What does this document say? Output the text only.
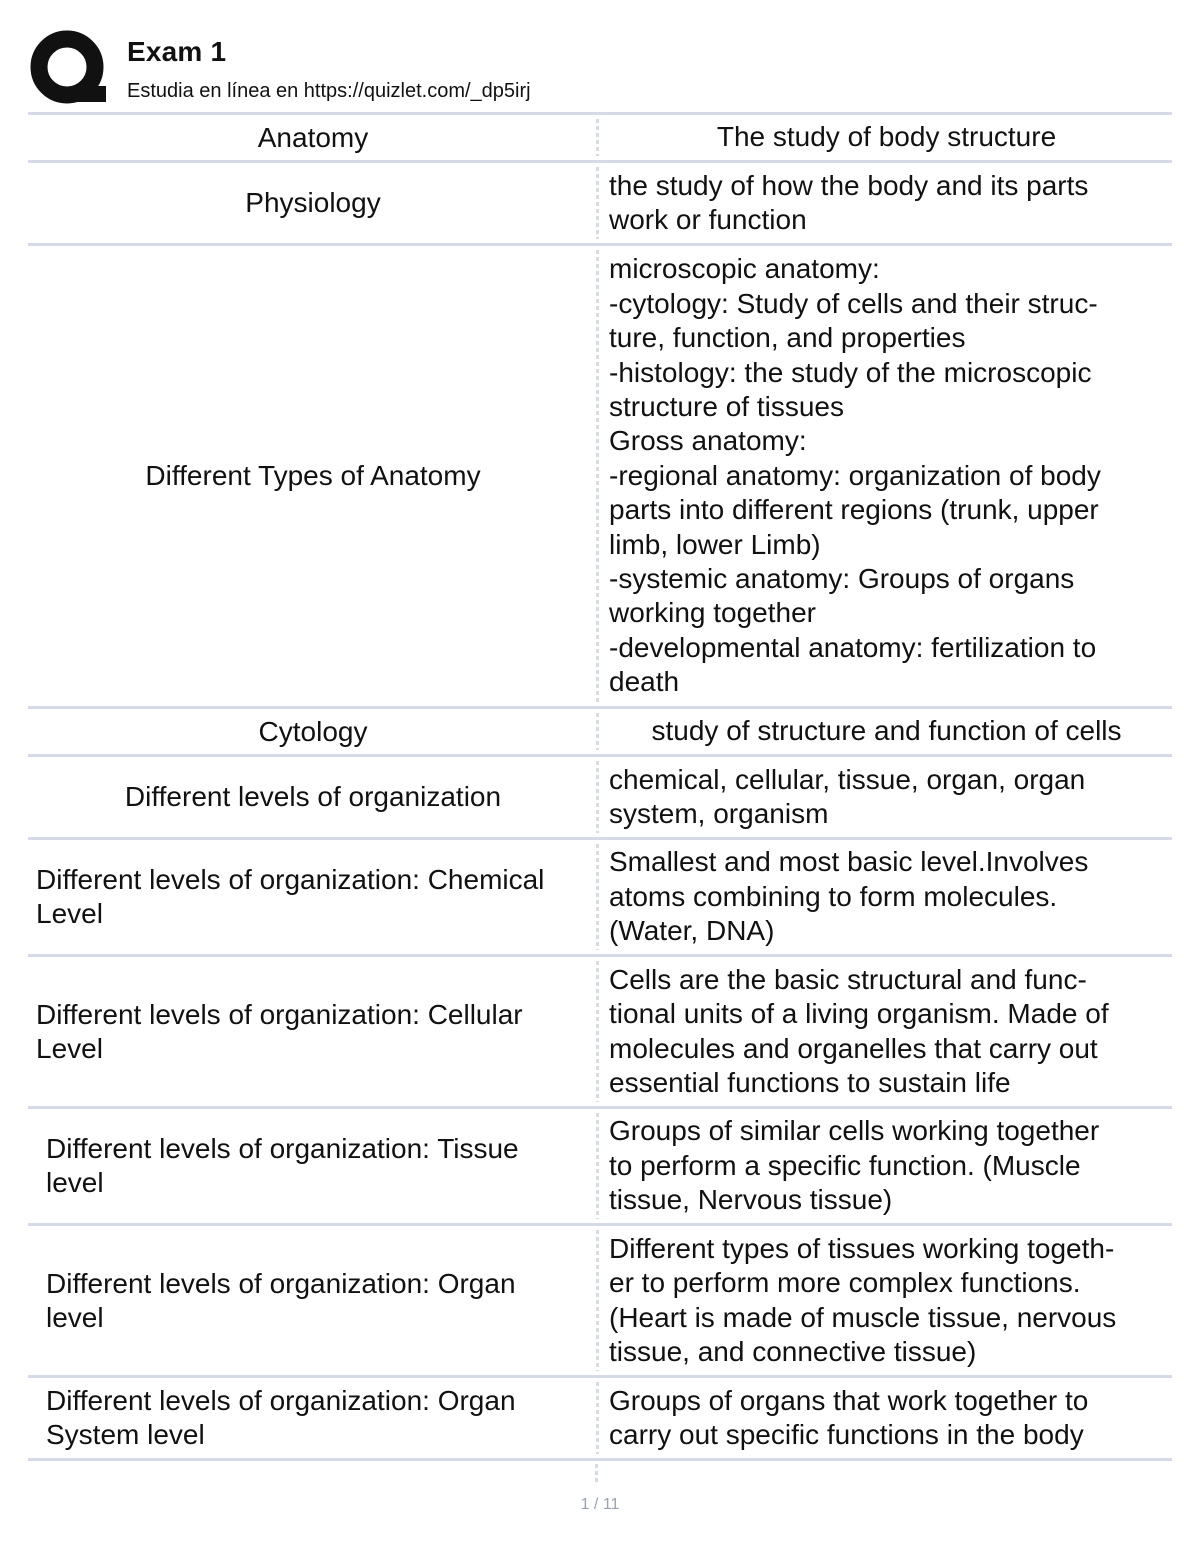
Exam 1
Estudia en línea en https://quizlet.com/_dp5irj
Anatomy	The study of body structure
Physiology
the study of how the body and its parts
work or function
Different Types of Anatomy
microscopic anatomy:
-cytology: Study of cells and their struc-
ture, function, and properties
-histology: the study of the microscopic
structure of tissues
Gross anatomy:
-regional anatomy: organization of body
parts into different regions (trunk, upper
limb, lower Limb)
-systemic anatomy: Groups of organs
working together
-developmental anatomy: fertilization to
death
Cytology	study of structure and function of cells
Different levels of organization
chemical, cellular, tissue, organ, organ
system, organism
Different levels of organization: Chemical
Level
Smallest and most basic level.Involves
atoms combining to form molecules.
(Water, DNA)
Different levels of organization: Cellular
Level
Cells are the basic structural and func-
tional units of a living organism. Made of
molecules and organelles that carry out
essential functions to sustain life
Different levels of organization: Tissue
level
Groups of similar cells working together
to perform a specific function. (Muscle
tissue, Nervous tissue)
Different levels of organization: Organ
level
Different types of tissues working togeth-
er to perform more complex functions.
(Heart is made of muscle tissue, nervous
tissue, and connective tissue)
Different levels of organization: Organ
System level
Groups of organs that work together to
carry out specific functions in the body
1 / 11
